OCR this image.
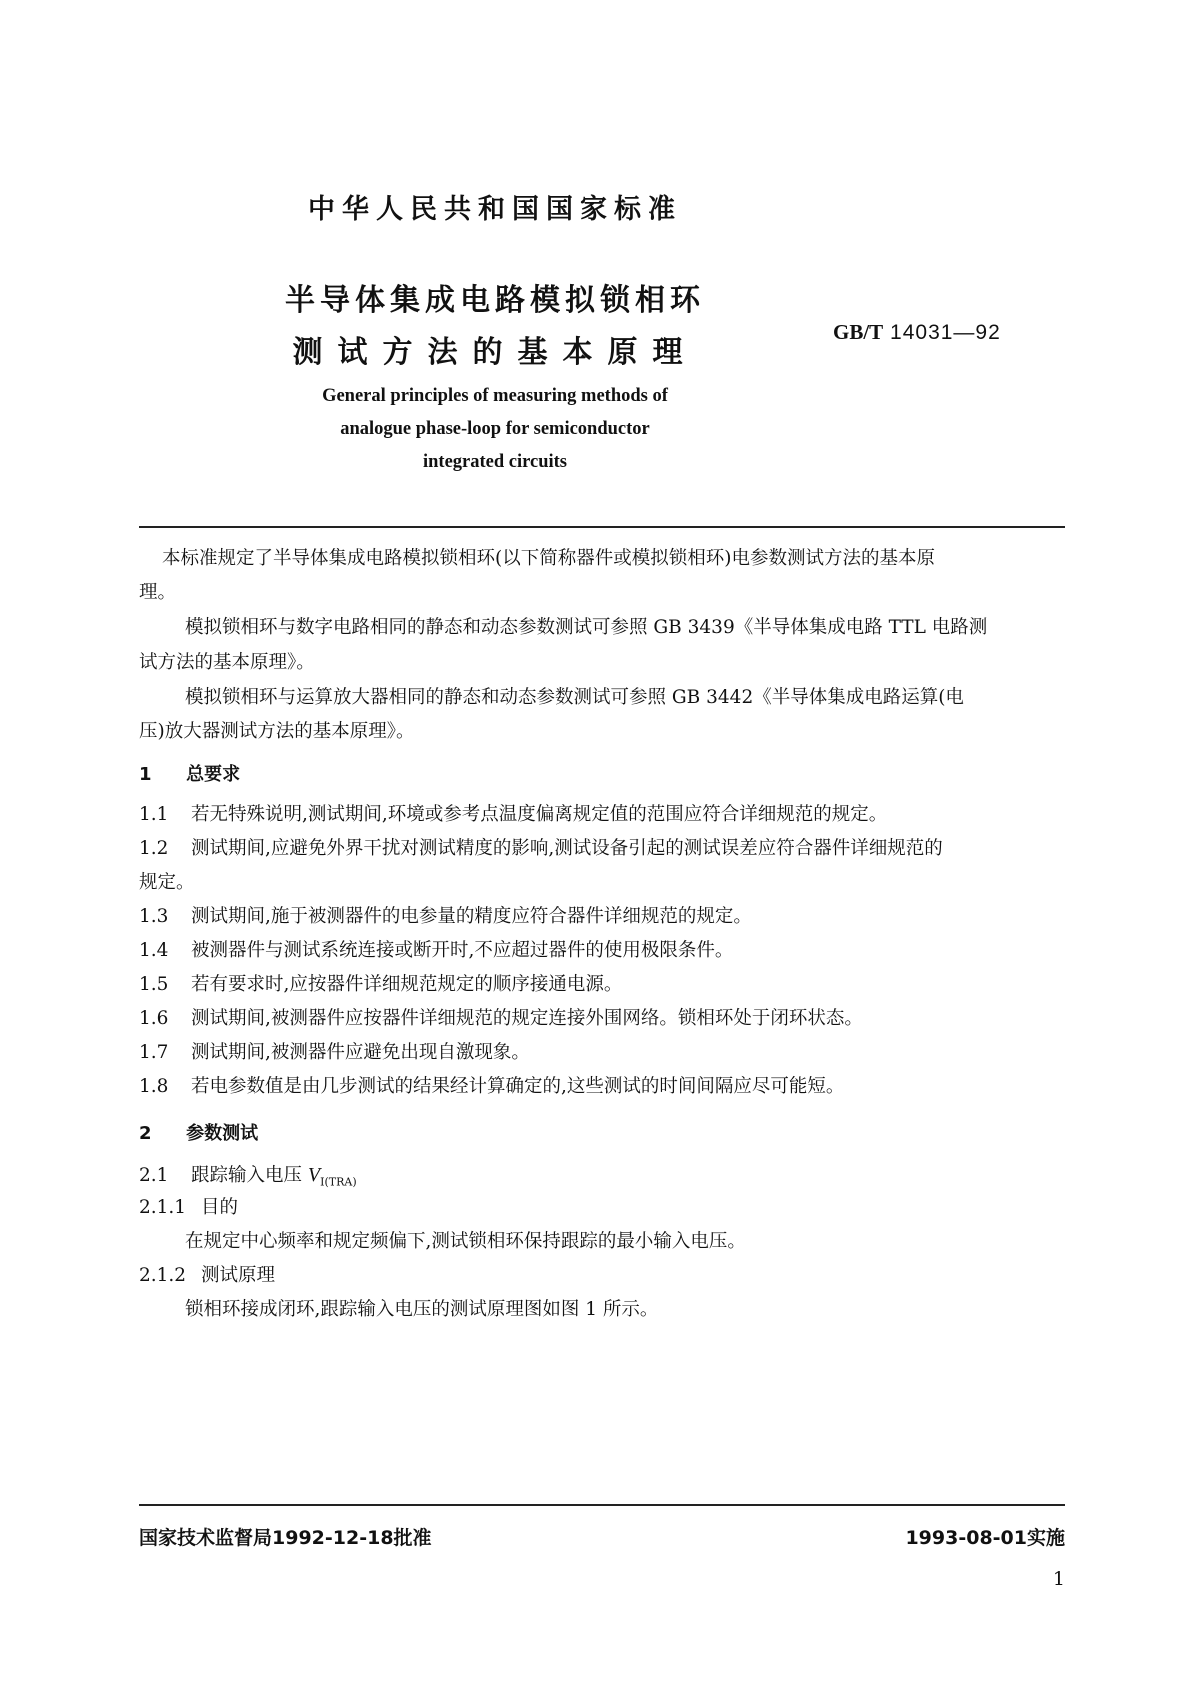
中华人民共和国国家标准
半导体集成电路模拟锁相环
测试方法的基本原理
GB/T 14031—92
General principles of measuring methods of
analogue phase-loop for semiconductor
integrated circuits
本标准规定了半导体集成电路模拟锁相环(以下简称器件或模拟锁相环)电参数测试方法的基本原
理。
模拟锁相环与数字电路相同的静态和动态参数测试可参照 GB 3439《半导体集成电路 TTL 电路测
试方法的基本原理》。
模拟锁相环与运算放大器相同的静态和动态参数测试可参照 GB 3442《半导体集成电路运算(电
压)放大器测试方法的基本原理》。
1 总要求
1.1 若无特殊说明,测试期间,环境或参考点温度偏离规定值的范围应符合详细规范的规定。
1.2 测试期间,应避免外界干扰对测试精度的影响,测试设备引起的测试误差应符合器件详细规范的
规定。
1.3 测试期间,施于被测器件的电参量的精度应符合器件详细规范的规定。
1.4 被测器件与测试系统连接或断开时,不应超过器件的使用极限条件。
1.5 若有要求时,应按器件详细规范规定的顺序接通电源。
1.6 测试期间,被测器件应按器件详细规范的规定连接外围网络。锁相环处于闭环状态。
1.7 测试期间,被测器件应避免出现自激现象。
1.8 若电参数值是由几步测试的结果经计算确定的,这些测试的时间间隔应尽可能短。
2 参数测试
2.1 跟踪输入电压 $V_{I(TRA)}$
2.1.1 目的
在规定中心频率和规定频偏下,测试锁相环保持跟踪的最小输入电压。
2.1.2 测试原理
锁相环接成闭环,跟踪输入电压的测试原理图如图 1 所示。
国家技术监督局1992-12-18批准	1993-08-01实施
1
